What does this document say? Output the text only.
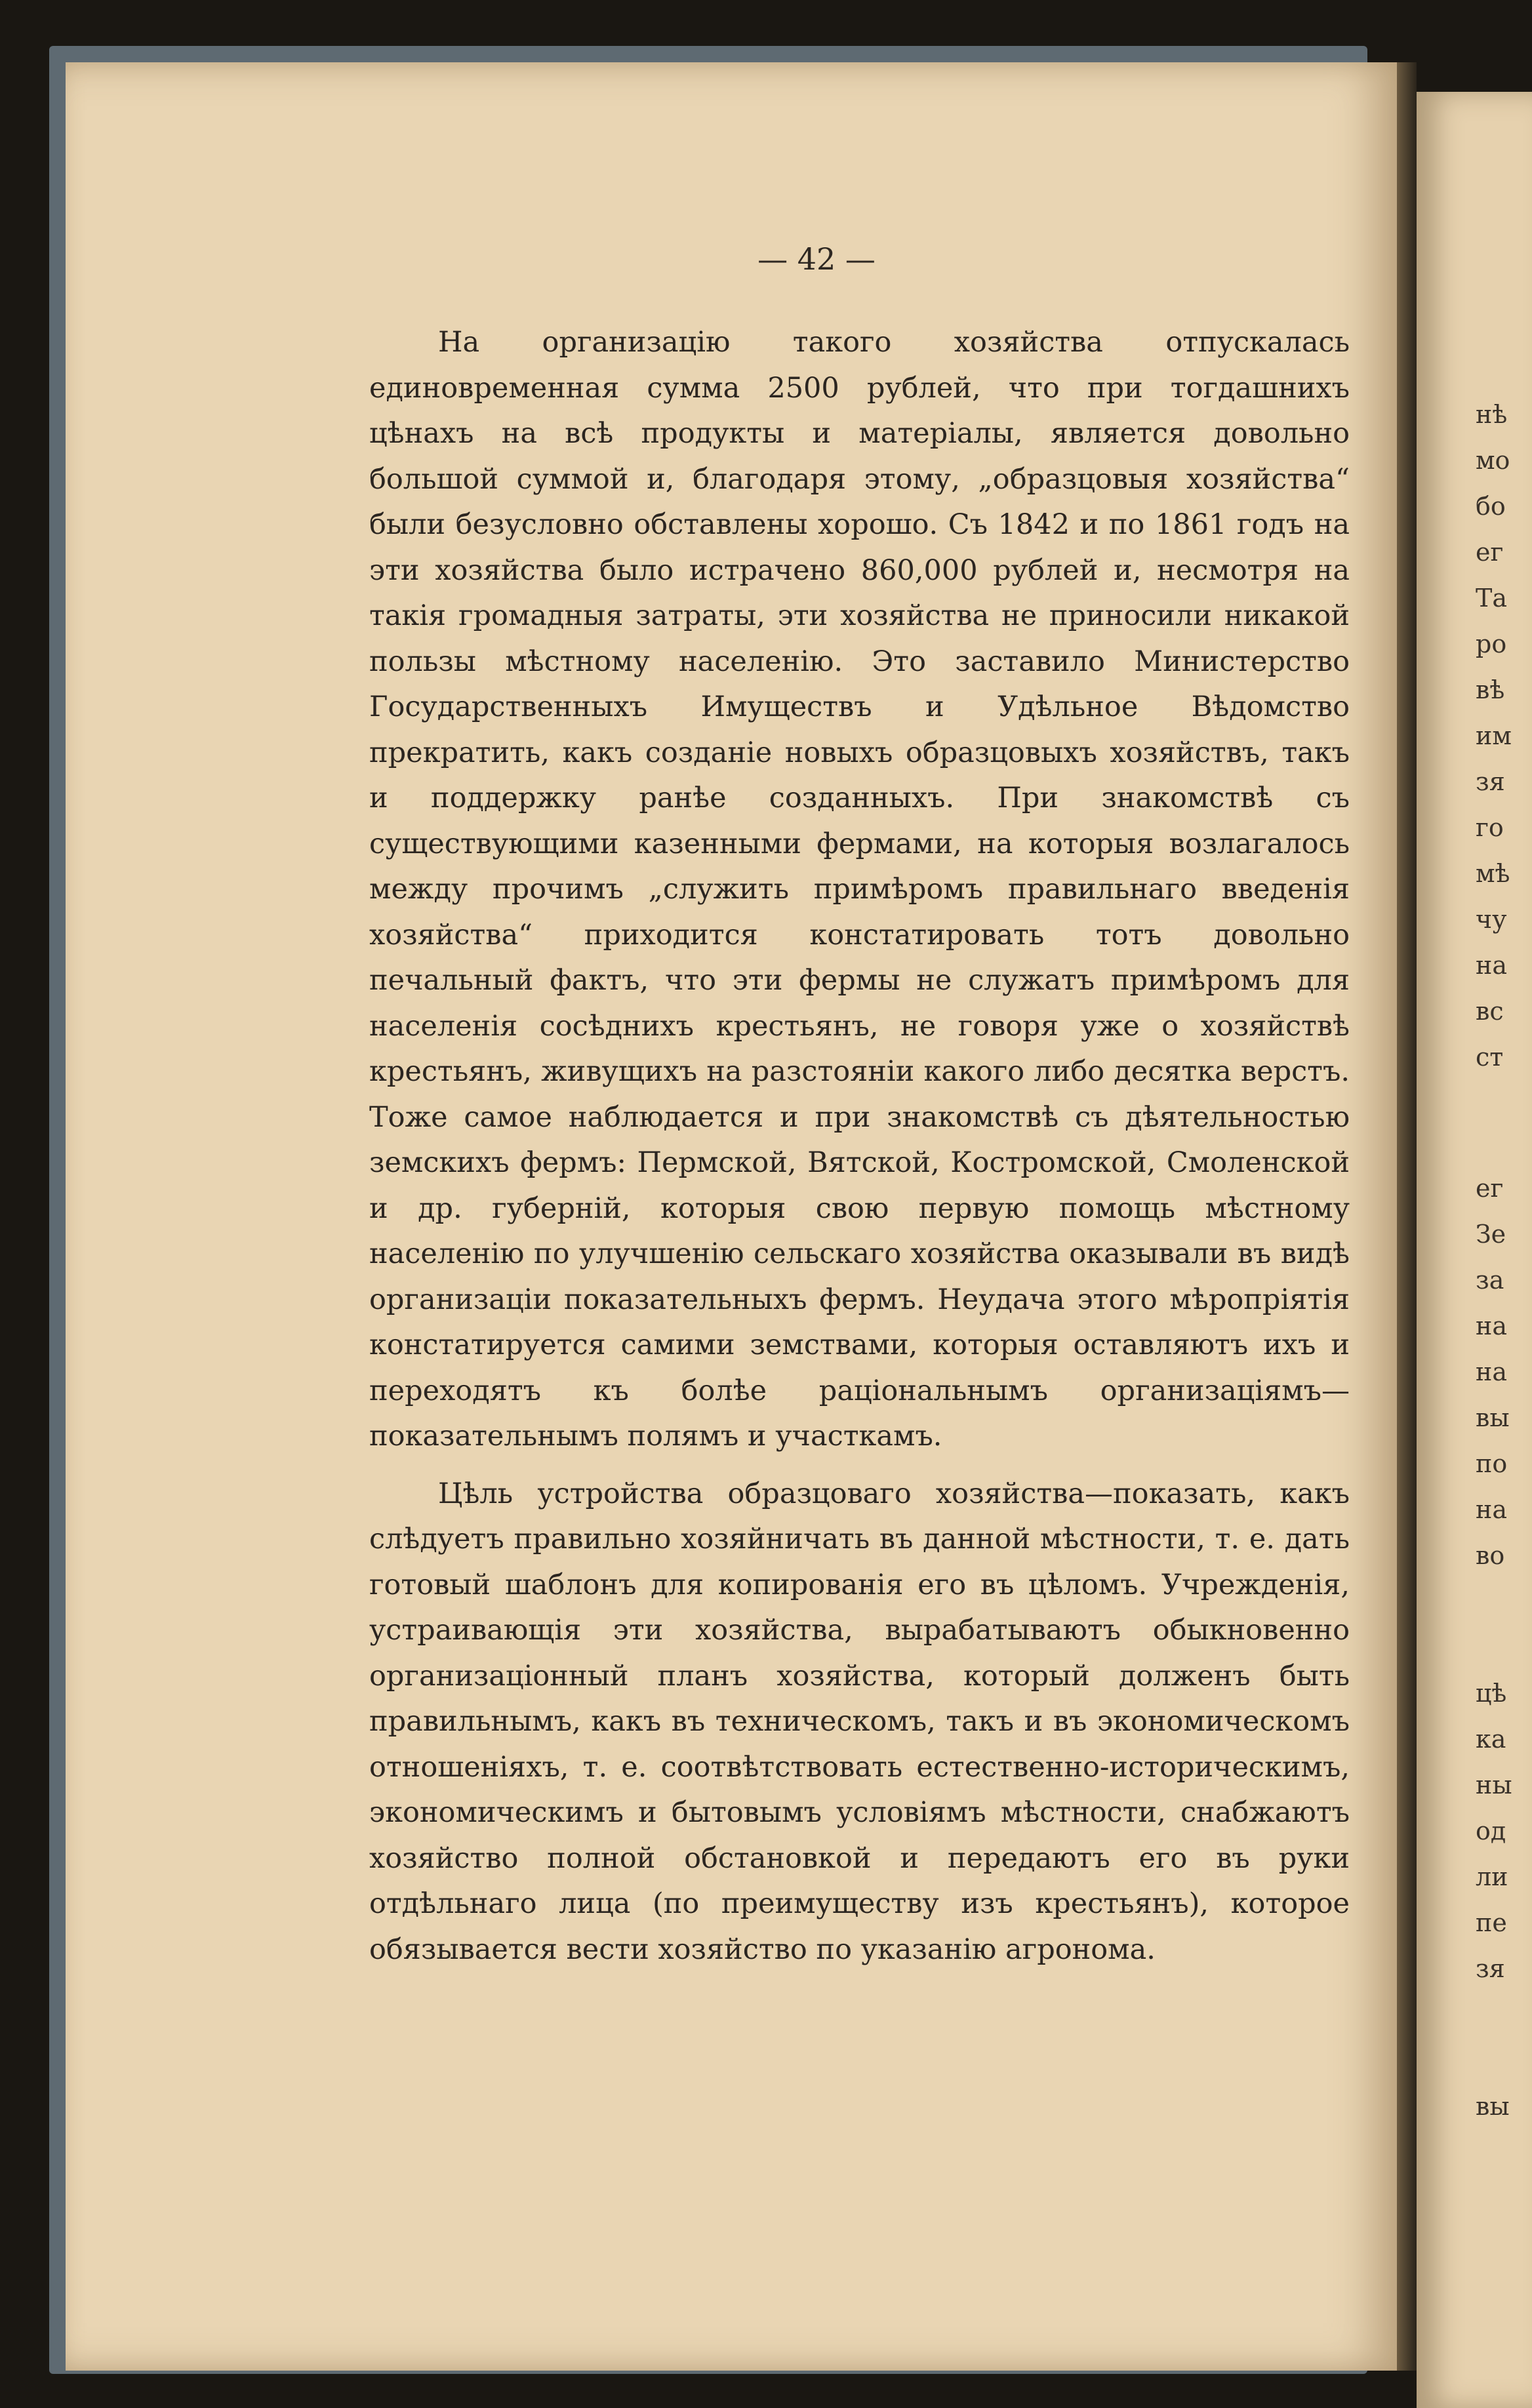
нѣ
мо
бо
ег
Та
ро
вѣ
им
зя
го
мѣ
чу
на
вс
ст
ег
Зе
за
на
на
вы
по
на
во
цѣ
ка
ны
од
ли
пе
зя
вы
— 42 —

На организацію такого хозяйства отпускалась единовременная сумма 2500 рублей, что при тогдашнихъ цѣнахъ на всѣ продукты и матеріалы, является довольно большой суммой и, благодаря этому, „образцовыя хозяйства“ были безусловно обставлены хорошо. Съ 1842 и по 1861 годъ на эти хозяйства было истрачено 860,000 рублей и, несмотря на такія громадныя затраты, эти хозяйства не приносили никакой пользы мѣстному населенію. Это заставило Министерство Государственныхъ Имуществъ и Удѣльное Вѣдомство прекратить, какъ созданіе новыхъ образцовыхъ хозяйствъ, такъ и поддержку ранѣе созданныхъ. При знакомствѣ съ существующими казенными фермами, на которыя возлагалось между прочимъ „служить примѣромъ правильнаго введенія хозяйства“ приходится констатировать тотъ довольно печальный фактъ, что эти фермы не служатъ примѣромъ для населенія сосѣднихъ крестьянъ, не говоря уже о хозяйствѣ крестьянъ, живущихъ на разстояніи какого либо десятка верстъ. Тоже самое наблюдается и при знакомствѣ съ дѣятельностью земскихъ фермъ: Пермской, Вятской, Костромской, Смоленской и др. губерній, которыя свою первую помощь мѣстному населенію по улучшенію сельскаго хозяйства оказывали въ видѣ организаціи показательныхъ фермъ. Неудача этого мѣропріятія констатируется самими земствами, которыя оставляютъ ихъ и переходятъ къ болѣе раціональнымъ организаціямъ—показательнымъ полямъ и участкамъ.

Цѣль устройства образцоваго хозяйства—показать, какъ слѣдуетъ правильно хозяйничать въ данной мѣстности, т. е. дать готовый шаблонъ для копированія его въ цѣломъ. Учрежденія, устраивающія эти хозяйства, вырабатываютъ обыкновенно организаціонный планъ хозяйства, который долженъ быть правильнымъ, какъ въ техническомъ, такъ и въ экономическомъ отношеніяхъ, т. е. соотвѣтствовать естественно-историческимъ, экономическимъ и бытовымъ условіямъ мѣстности, снабжаютъ хозяйство полной обстановкой и передаютъ его въ руки отдѣльнаго лица (по преимуществу изъ крестьянъ), которое обязывается вести хозяйство по указанію агронома.
